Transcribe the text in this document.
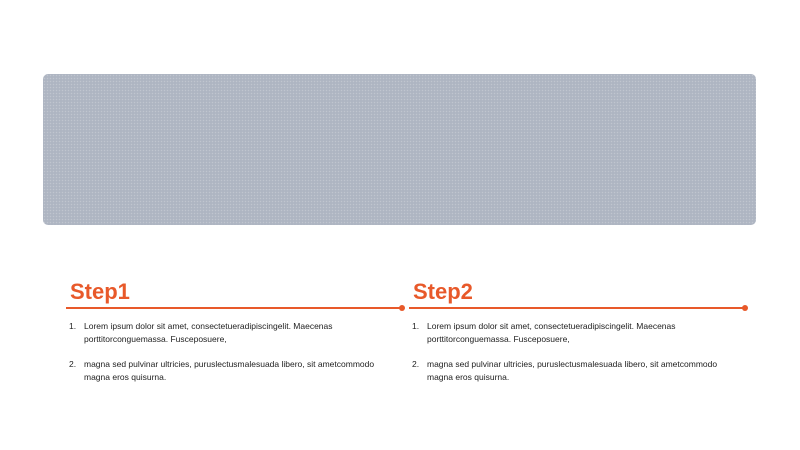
Step1
1. Lorem ipsum dolor sit amet, consectetueradipiscingelit. Maecenas porttitorconguemassa. Fusceposuere,
2. magna sed pulvinar ultricies, puruslectusmalesuada libero, sit ametcommodo magna eros quisurna.
Step2
1. Lorem ipsum dolor sit amet, consectetueradipiscingelit. Maecenas porttitorconguemassa. Fusceposuere,
2. magna sed pulvinar ultricies, puruslectusmalesuada libero, sit ametcommodo magna eros quisurna.
